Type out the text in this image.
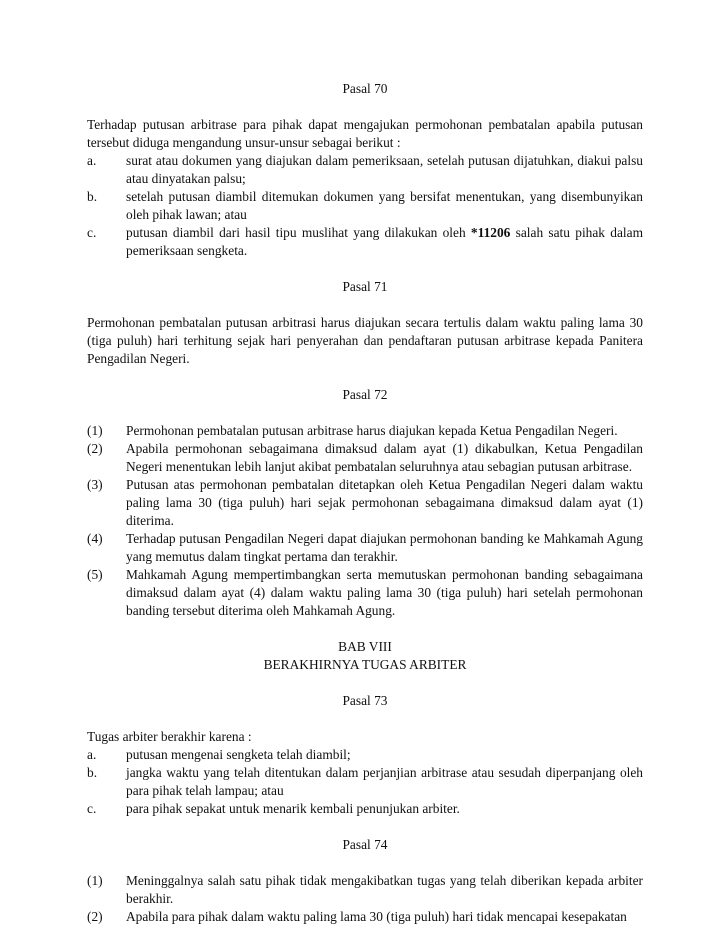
Pasal 70

Terhadap putusan arbitrase para pihak dapat mengajukan permohonan pembatalan apabila putusan tersebut diduga mengandung unsur-unsur sebagai berikut :

a.	surat atau dokumen yang diajukan dalam pemeriksaan, setelah putusan dijatuhkan, diakui palsu atau dinyatakan palsu;
b.	setelah putusan diambil ditemukan dokumen yang bersifat menentukan, yang disembunyikan oleh pihak lawan; atau
c.	putusan diambil dari hasil tipu muslihat yang dilakukan oleh *11206 salah satu pihak dalam pemeriksaan sengketa.

Pasal 71

Permohonan pembatalan putusan arbitrasi harus diajukan secara tertulis dalam waktu paling lama 30 (tiga puluh) hari terhitung sejak hari penyerahan dan pendaftaran putusan arbitrase kepada Panitera Pengadilan Negeri.

Pasal 72

(1)	Permohonan pembatalan putusan arbitrase harus diajukan kepada Ketua Pengadilan Negeri.
(2)	Apabila permohonan sebagaimana dimaksud dalam ayat (1) dikabulkan, Ketua Pengadilan Negeri menentukan lebih lanjut akibat pembatalan seluruhnya atau sebagian putusan arbitrase.
(3)	Putusan atas permohonan pembatalan ditetapkan oleh Ketua Pengadilan Negeri dalam waktu paling lama 30 (tiga puluh) hari sejak permohonan sebagaimana dimaksud dalam ayat (1) diterima.
(4)	Terhadap putusan Pengadilan Negeri dapat diajukan permohonan banding ke Mahkamah Agung yang memutus dalam tingkat pertama dan terakhir.
(5)	Mahkamah Agung mempertimbangkan serta memutuskan permohonan banding sebagaimana dimaksud dalam ayat (4) dalam waktu paling lama 30 (tiga puluh) hari setelah permohonan banding tersebut diterima oleh Mahkamah Agung.

BAB VIII

BERAKHIRNYA TUGAS ARBITER

Pasal 73

Tugas arbiter berakhir karena :

a.	putusan mengenai sengketa telah diambil;
b.	jangka waktu yang telah ditentukan dalam perjanjian arbitrase atau sesudah diperpanjang oleh para pihak telah lampau; atau
c.	para pihak sepakat untuk menarik kembali penunjukan arbiter.

Pasal 74

(1)	Meninggalnya salah satu pihak tidak mengakibatkan tugas yang telah diberikan kepada arbiter berakhir.
(2)	Apabila para pihak dalam waktu paling lama 30 (tiga puluh) hari tidak mencapai kesepakatan
